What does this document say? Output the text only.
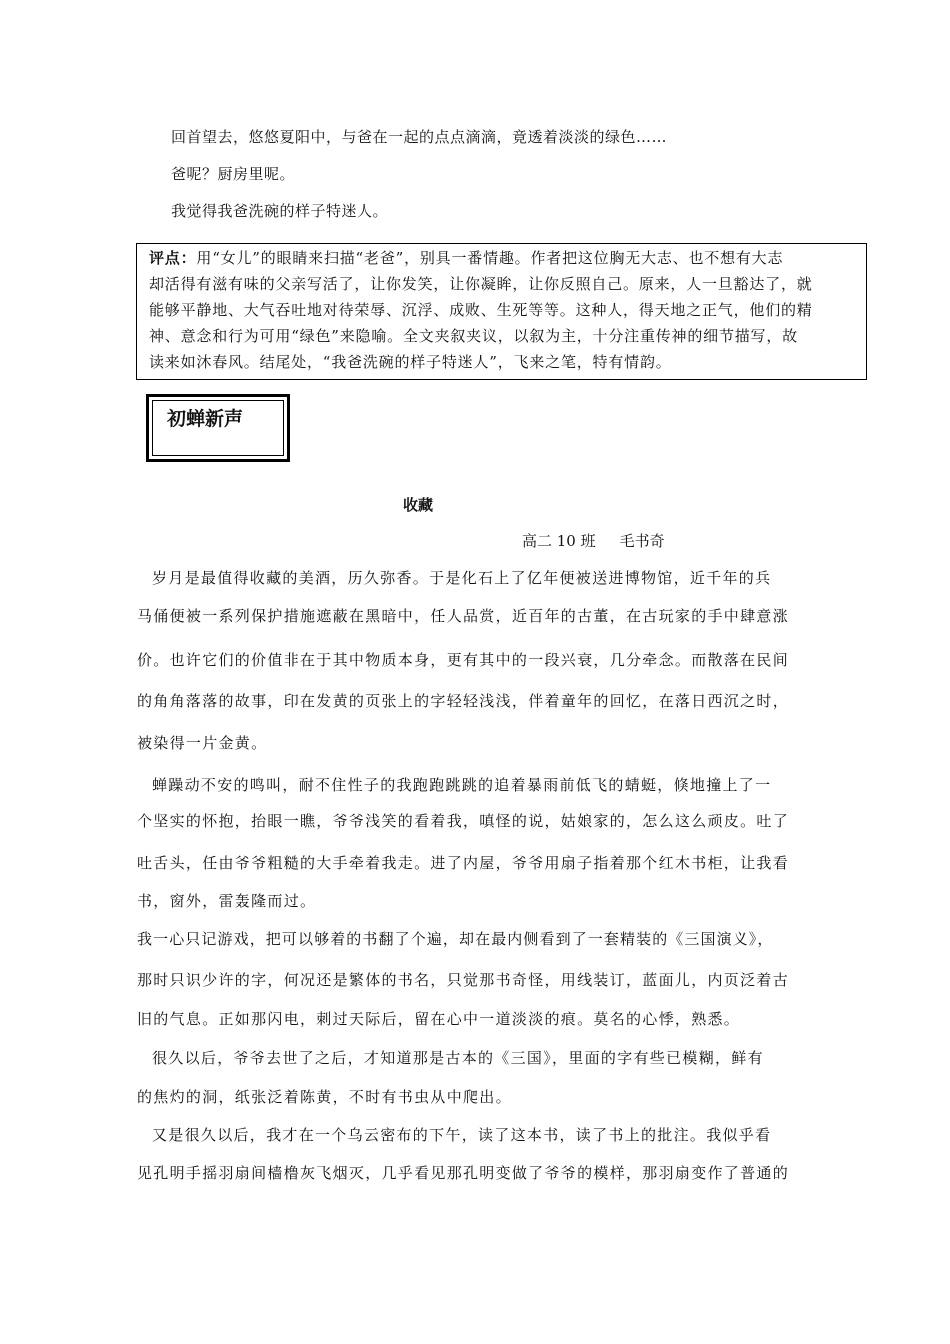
回首望去，悠悠夏阳中，与爸在一起的点点滴滴，竟透着淡淡的绿色……
爸呢？厨房里呢。
我觉得我爸洗碗的样子特迷人。
评点：用“女儿”的眼睛来扫描“老爸”，别具一番情趣。作者把这位胸无大志、也不想有大志
却活得有滋有味的父亲写活了，让你发笑，让你凝眸，让你反照自己。原来，人一旦豁达了，就
能够平静地、大气吞吐地对待荣辱、沉浮、成败、生死等等。这种人，得天地之正气，他们的精
神、意念和行为可用“绿色”来隐喻。全文夹叙夹议，以叙为主，十分注重传神的细节描写，故
读来如沐春风。结尾处，“我爸洗碗的样子特迷人”，飞来之笔，特有情韵。
初蝉新声
收藏
高二 10 班 毛书奇
岁月是最值得收藏的美酒，历久弥香。于是化石上了亿年便被送进博物馆，近千年的兵
马俑便被一系列保护措施遮蔽在黑暗中，任人品赏，近百年的古董，在古玩家的手中肆意涨
价。也许它们的价值非在于其中物质本身，更有其中的一段兴衰，几分牵念。而散落在民间
的角角落落的故事，印在发黄的页张上的字轻轻浅浅，伴着童年的回忆，在落日西沉之时，
被染得一片金黄。
蝉躁动不安的鸣叫，耐不住性子的我跑跑跳跳的追着暴雨前低飞的蜻蜓，倏地撞上了一
个坚实的怀抱，抬眼一瞧，爷爷浅笑的看着我，嗔怪的说，姑娘家的，怎么这么顽皮。吐了
吐舌头，任由爷爷粗糙的大手牵着我走。进了内屋，爷爷用扇子指着那个红木书柜，让我看
书，窗外，雷轰隆而过。
我一心只记游戏，把可以够着的书翻了个遍，却在最内侧看到了一套精装的《三国演义》，
那时只识少许的字，何况还是繁体的书名，只觉那书奇怪，用线装订，蓝面儿，内页泛着古
旧的气息。正如那闪电，刺过天际后，留在心中一道淡淡的痕。莫名的心悸，熟悉。
很久以后，爷爷去世了之后，才知道那是古本的《三国》，里面的字有些已模糊，鲜有
的焦灼的洞，纸张泛着陈黄，不时有书虫从中爬出。
又是很久以后，我才在一个乌云密布的下午，读了这本书，读了书上的批注。我似乎看
见孔明手摇羽扇间樯橹灰飞烟灭，几乎看见那孔明变做了爷爷的模样，那羽扇变作了普通的
